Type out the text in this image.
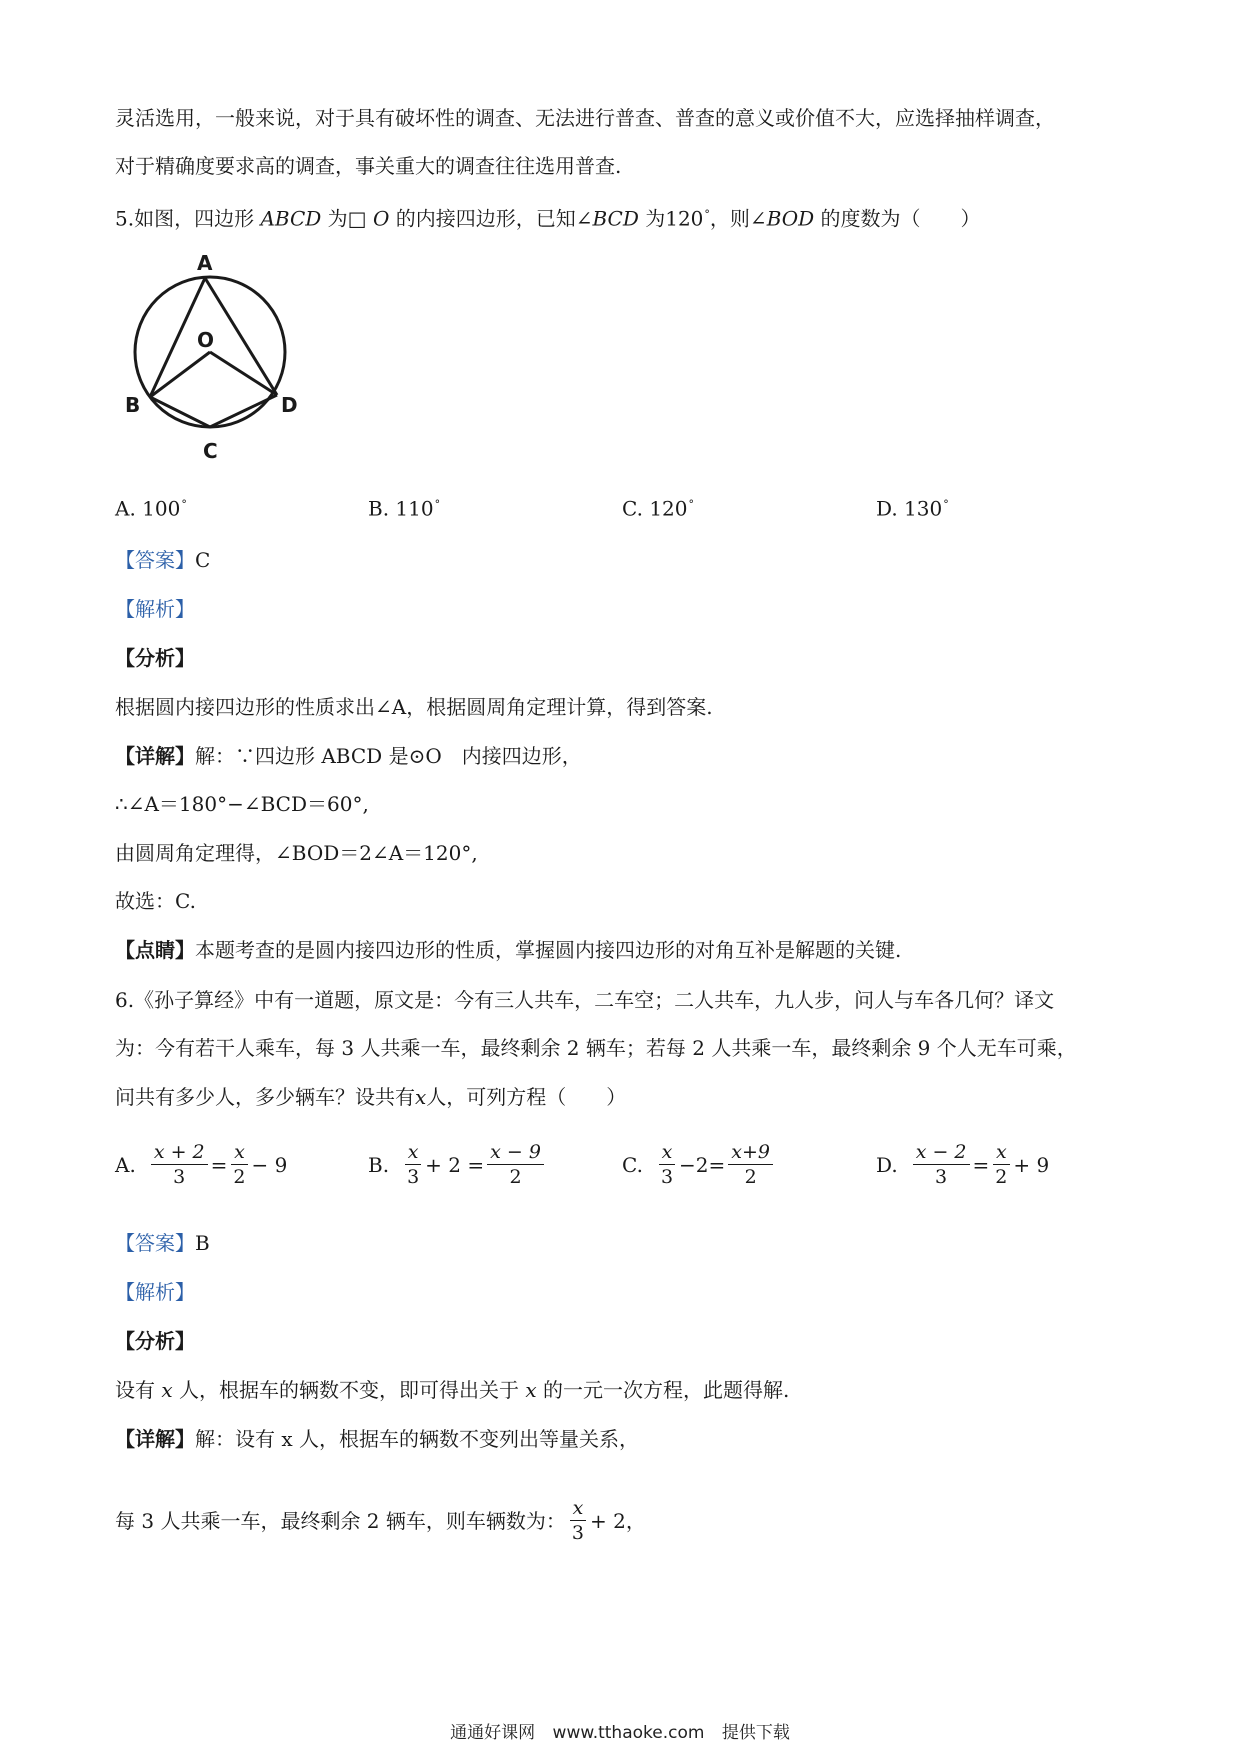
灵活选用，一般来说，对于具有破坏性的调查、无法进行普查、普查的意义或价值不大，应选择抽样调查，
对于精确度要求高的调查，事关重大的调查往往选用普查.
5.如图，四边形 ABCD 为□ O 的内接四边形，已知∠BCD 为120°，则∠BOD 的度数为（　　）
A
O
B
C
D
A. 100°	B. 110°	C. 120°	D. 130°
【答案】C
【解析】
【分析】
根据圆内接四边形的性质求出∠A，根据圆周角定理计算，得到答案.
【详解】解：∵四边形 ABCD 是⊙O　内接四边形，
∴∠A＝180°−∠BCD＝60°,
由圆周角定理得，∠BOD＝2∠A＝120°,
故选：C.
【点睛】本题考查的是圆内接四边形的性质，掌握圆内接四边形的对角互补是解题的关键.
6.《孙子算经》中有一道题，原文是：今有三人共车，二车空；二人共车，九人步，问人与车各几何？译文
为：今有若干人乘车，每 3 人共乘一车，最终剩余 2 辆车；若每 2 人共乘一车，最终剩余 9 个人无车可乘，
问共有多少人，多少辆车？设共有x人，可列方程（　　）
A. $\frac{x + 2}{3} = \frac{x}{2} - 9$	B. $\frac{x}{3} + 2 = \frac{x - 9}{2}$	C. $\frac{x}{3} -2= \frac{x+9}{2}$	D. $\frac{x - 2}{3} = \frac{x}{2} + 9$
【答案】B
【解析】
【分析】
设有 x 人，根据车的辆数不变，即可得出关于 x 的一元一次方程，此题得解.
【详解】解：设有 x 人，根据车的辆数不变列出等量关系，
每 3 人共乘一车，最终剩余 2 辆车，则车辆数为： $\frac{x}{3} + 2$，
通通好课网 www.tthaoke.com 提供下载
